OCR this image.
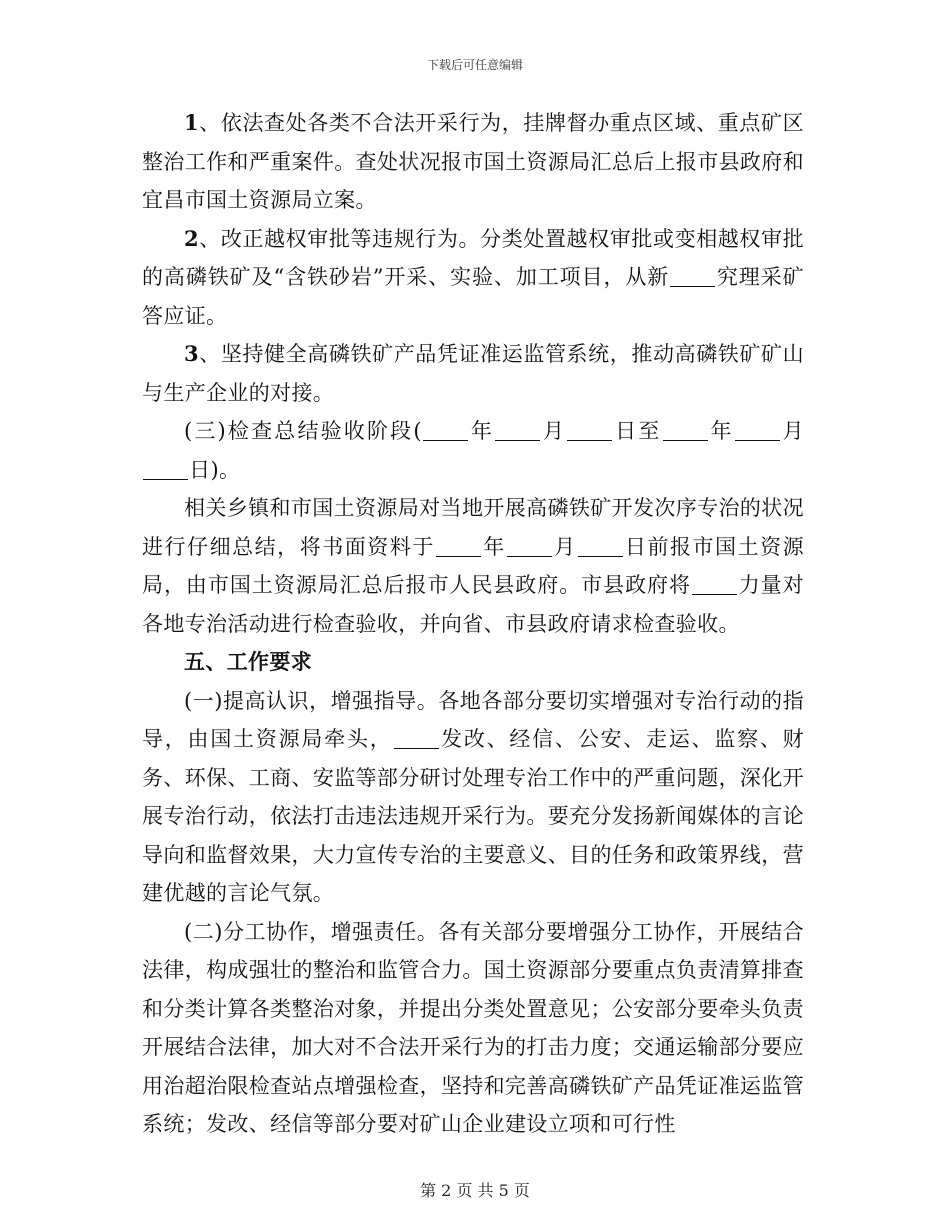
下载后可任意编辑

1、依法查处各类不合法开采行为，挂牌督办重点区域、重点矿区整治工作和严重案件。查处状况报市国土资源局汇总后上报市县政府和宜昌市国土资源局立案。

2、改正越权审批等违规行为。分类处置越权审批或变相越权审批的高磷铁矿及“含铁砂岩”开采、实验、加工项目，从新 究理采矿答应证。

3、坚持健全高磷铁矿产品凭证准运监管系统，推动高磷铁矿矿山与生产企业的对接。

(三)检查总结验收阶段( 年 月 日至 年 月日)。

相关乡镇和市国土资源局对当地开展高磷铁矿开发次序专治的状况进行仔细总结，将书面资料于 年 月 日前报市国土资源局，由市国土资源局汇总后报市人民县政府。市县政府将 力量对各地专治活动进行检查验收，并向省、市县政府请求检查验收。

五、工作要求

(一)提高认识，增强指导。各地各部分要切实增强对专治行动的指导，由国土资源局牵头， 发改、经信、公安、走运、监察、财务、环保、工商、安监等部分研讨处理专治工作中的严重问题，深化开展专治行动，依法打击违法违规开采行为。要充分发扬新闻媒体的言论导向和监督效果，大力宣传专治的主要意义、目的任务和政策界线，营建优越的言论气氛。

(二)分工协作，增强责任。各有关部分要增强分工协作，开展结合法律，构成强壮的整治和监管合力。国土资源部分要重点负责清算排查和分类计算各类整治对象，并提出分类处置意见；公安部分要牵头负责开展结合法律，加大对不合法开采行为的打击力度；交通运输部分要应用治超治限检查站点增强检查，坚持和完善高磷铁矿产品凭证准运监管系统；发改、经信等部分要对矿山企业建设立项和可行性

第 2 页 共 5 页
